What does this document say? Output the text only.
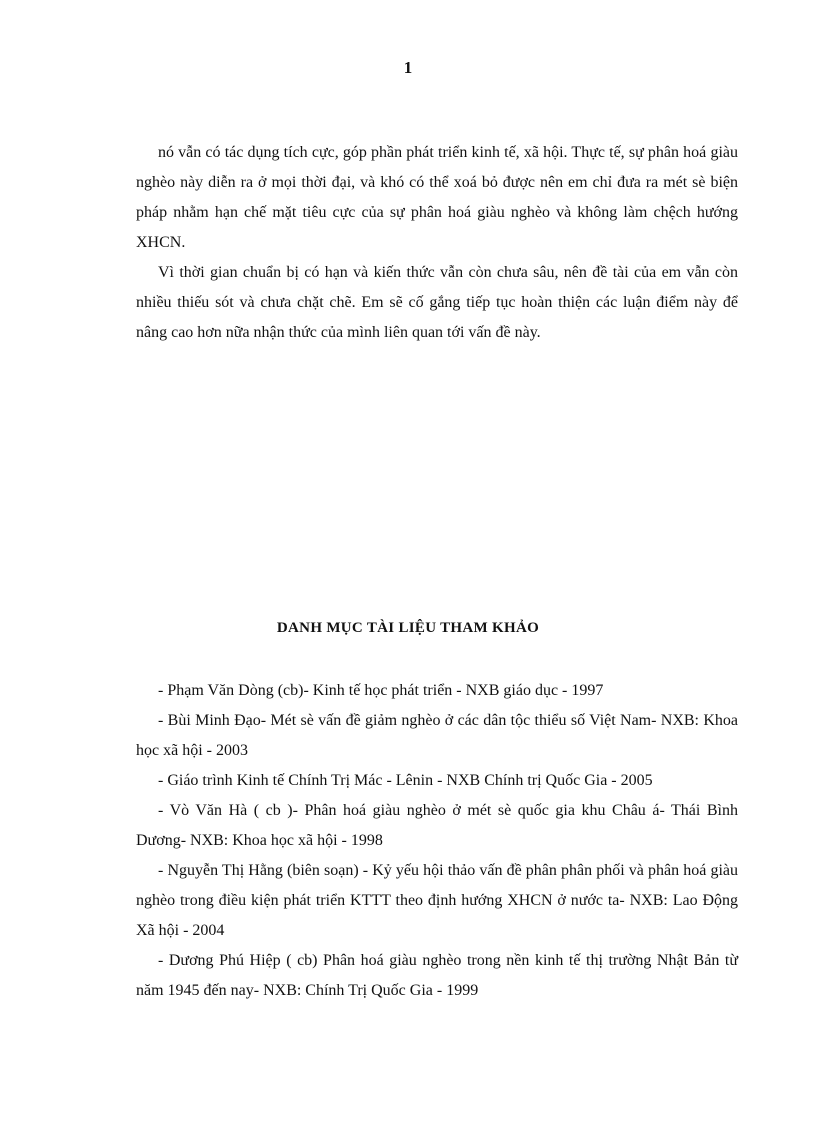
1

nó vẫn có tác dụng tích cực, góp phần phát triển kinh tế, xã hội. Thực tế, sự phân hoá giàu nghèo này diễn ra ở mọi thời đại, và khó có thể xoá bỏ được nên em chỉ đưa ra mét sè biện pháp nhằm hạn chế mặt tiêu cực của sự phân hoá giàu nghèo và không làm chệch hướng XHCN.

Vì thời gian chuẩn bị có hạn và kiến thức vẫn còn chưa sâu, nên đề tài của em vẫn còn nhiều thiếu sót và chưa chặt chẽ. Em sẽ cố gắng tiếp tục hoàn thiện các luận điểm này để nâng cao hơn nữa nhận thức của mình liên quan tới vấn đề này.

DANH MỤC TÀI LIỆU THAM KHẢO

- Phạm Văn Dòng (cb)- Kinh tế học phát triển - NXB giáo dục - 1997

- Bùi Minh Đạo- Mét sè vấn đề giảm nghèo ở các dân tộc thiểu số Việt Nam- NXB: Khoa học xã hội - 2003

- Giáo trình Kinh tế Chính Trị Mác - Lênin - NXB Chính trị Quốc Gia - 2005

- Vò Văn Hà ( cb )- Phân hoá giàu nghèo ở mét sè quốc gia khu Châu á- Thái Bình Dương- NXB: Khoa học xã hội - 1998

- Nguyễn Thị Hằng (biên soạn) - Kỷ yếu hội thảo vấn đề phân phân phối và phân hoá giàu nghèo trong điều kiện phát triển KTTT theo định hướng XHCN ở nước ta- NXB: Lao Động Xã hội - 2004

- Dương Phú Hiệp ( cb) Phân hoá giàu nghèo trong nền kinh tế thị trường Nhật Bản từ năm 1945 đến nay- NXB: Chính Trị Quốc Gia - 1999
